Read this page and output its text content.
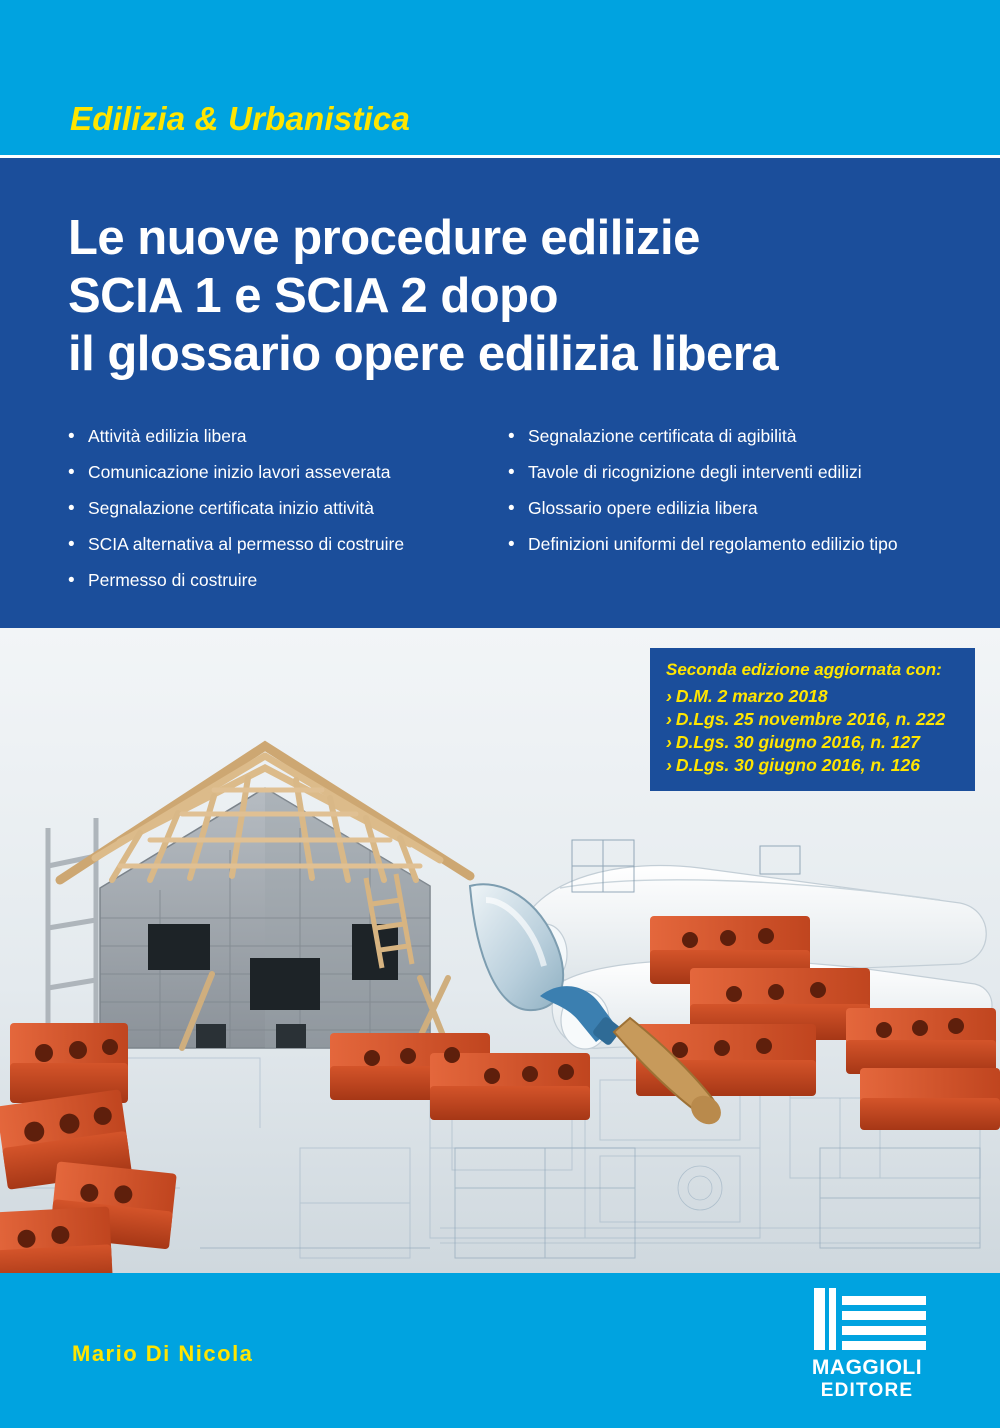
Edilizia & Urbanistica
Le nuove procedure edilizie
SCIA 1 e SCIA 2 dopo
il glossario opere edilizia libera
• Attività edilizia libera
• Comunicazione inizio lavori asseverata
• Segnalazione certificata inizio attività
• SCIA alternativa al permesso di costruire
• Permesso di costruire
• Segnalazione certificata di agibilità
• Tavole di ricognizione degli interventi edilizi
• Glossario opere edilizia libera
• Definizioni uniformi del regolamento edilizio tipo
Seconda edizione aggiornata con:
› D.M. 2 marzo 2018
› D.Lgs. 25 novembre 2016, n. 222
› D.Lgs. 30 giugno 2016, n. 127
› D.Lgs. 30 giugno 2016, n. 126
Mario Di Nicola
MAGGIOLI
EDITORE
